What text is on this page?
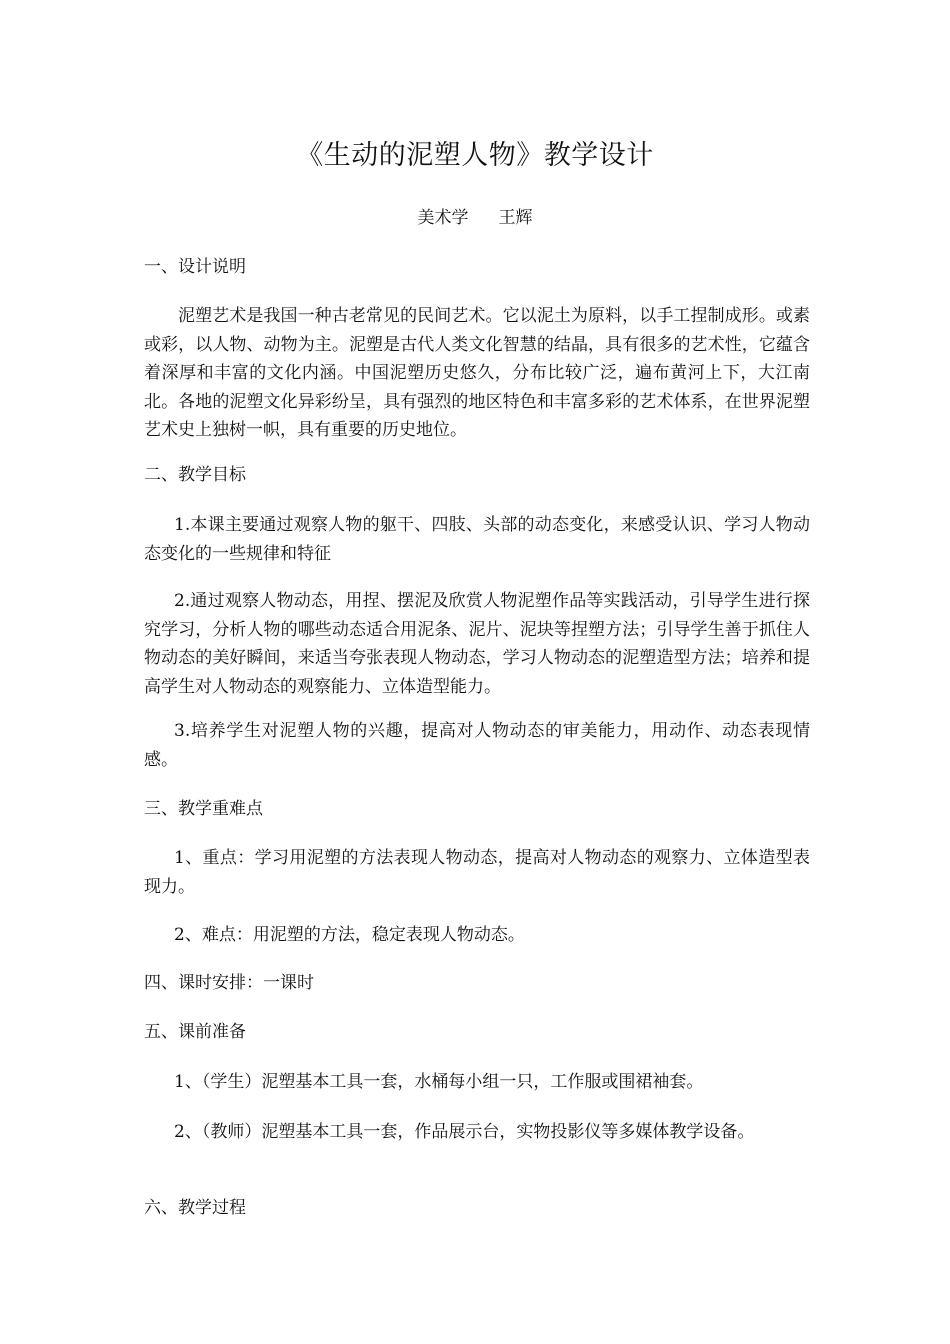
《生动的泥塑人物》教学设计
美术学 王辉

一、设计说明

泥塑艺术是我国一种古老常见的民间艺术。它以泥土为原料，以手工捏制成形。或素或彩，以人物、动物为主。泥塑是古代人类文化智慧的结晶，具有很多的艺术性，它蕴含着深厚和丰富的文化内涵。中国泥塑历史悠久，分布比较广泛，遍布黄河上下，大江南北。各地的泥塑文化异彩纷呈，具有强烈的地区特色和丰富多彩的艺术体系，在世界泥塑艺术史上独树一帜，具有重要的历史地位。

二、教学目标

1.本课主要通过观察人物的躯干、四肢、头部的动态变化，来感受认识、学习人物动态变化的一些规律和特征

2.通过观察人物动态，用捏、摆泥及欣赏人物泥塑作品等实践活动，引导学生进行探究学习，分析人物的哪些动态适合用泥条、泥片、泥块等捏塑方法；引导学生善于抓住人物动态的美好瞬间，来适当夸张表现人物动态，学习人物动态的泥塑造型方法；培养和提高学生对人物动态的观察能力、立体造型能力。

3.培养学生对泥塑人物的兴趣，提高对人物动态的审美能力，用动作、动态表现情感。

三、教学重难点

1、重点：学习用泥塑的方法表现人物动态，提高对人物动态的观察力、立体造型表现力。

2、难点：用泥塑的方法，稳定表现人物动态。

四、课时安排：一课时

五、课前准备

1、（学生）泥塑基本工具一套，水桶每小组一只，工作服或围裙袖套。

2、（教师）泥塑基本工具一套，作品展示台，实物投影仪等多媒体教学设备。

六、教学过程
